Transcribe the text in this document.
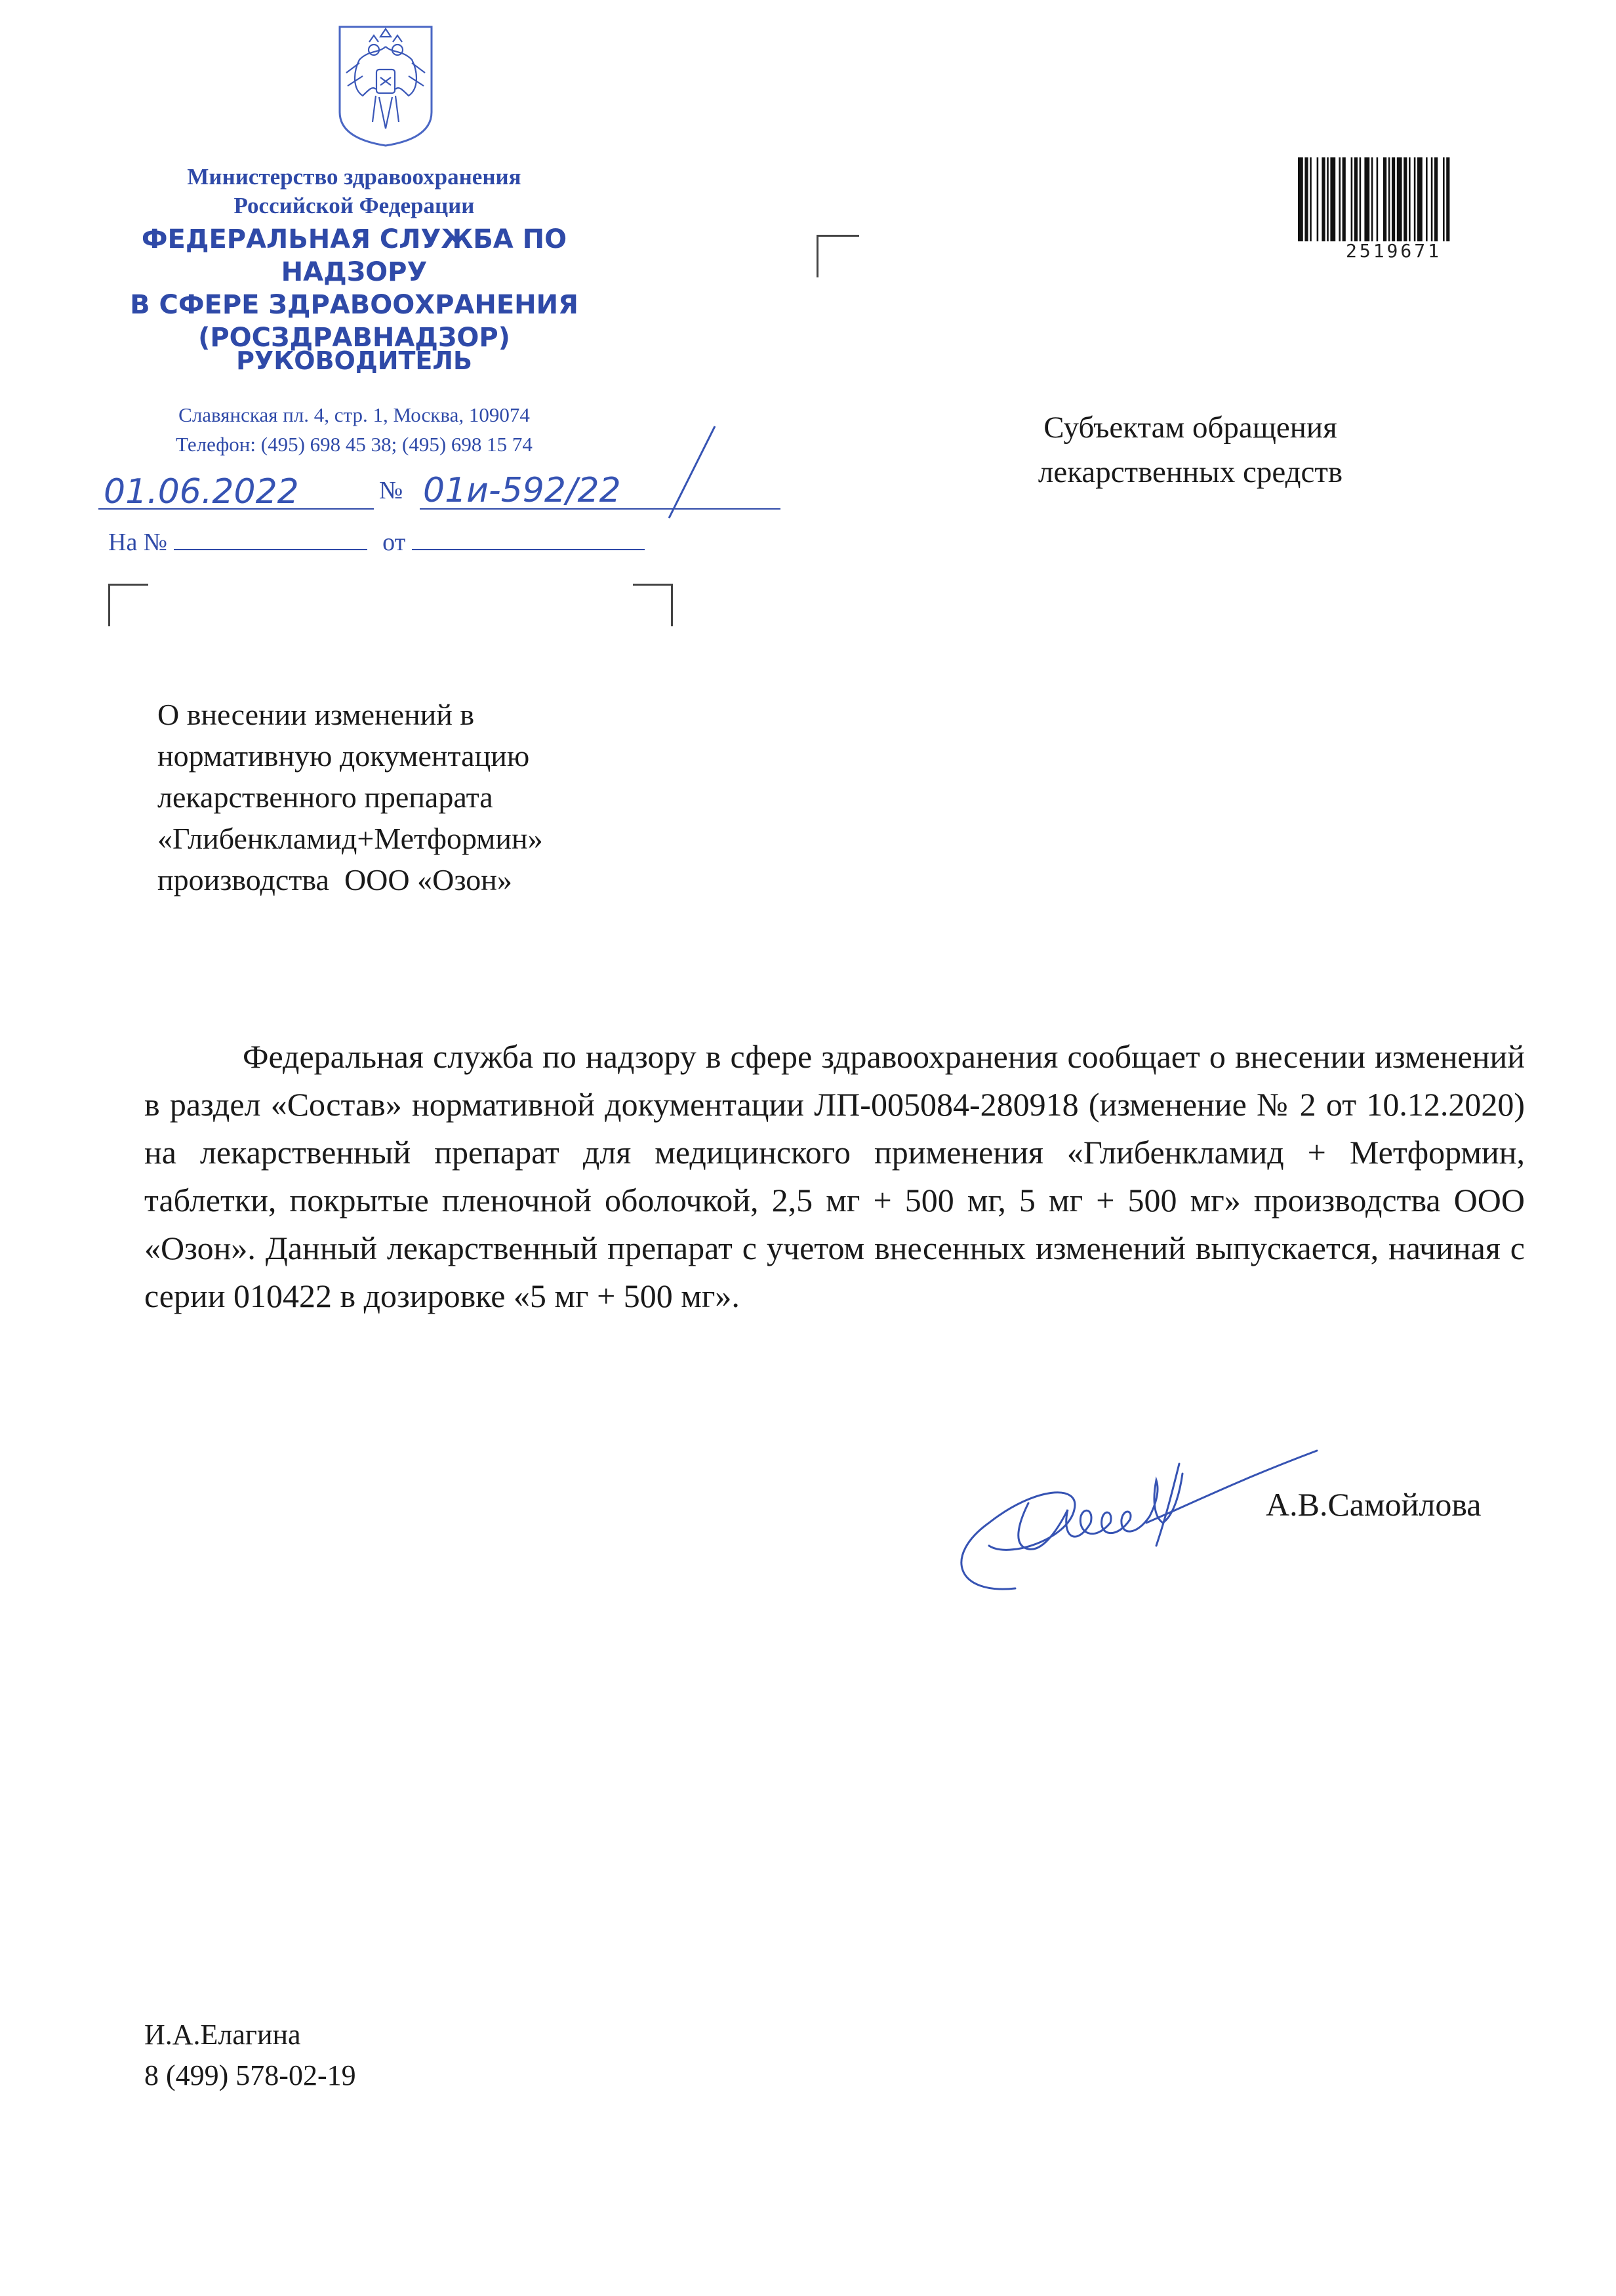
Министерство здравоохранения
Российской Федерации
ФЕДЕРАЛЬНАЯ СЛУЖБА ПО НАДЗОРУ
В СФЕРЕ ЗДРАВООХРАНЕНИЯ
(РОСЗДРАВНАДЗОР)
РУКОВОДИТЕЛЬ
Славянская пл. 4, стр. 1, Москва, 109074
Телефон: (495) 698 45 38; (495) 698 15 74
01.06.2022	№ 01и-592/22
На №	от
2519671
Субъектам обращения
лекарственных средств
О внесении изменений в
нормативную документацию
лекарственного препарата
«Глибенкламид+Метформин»
производства  ООО «Озон»
Федеральная служба по надзору в сфере здравоохранения сообщает о внесении изменений в раздел «Состав» нормативной документации ЛП-005084-280918 (изменение № 2 от 10.12.2020) на лекарственный препарат для медицинского применения «Глибенкламид + Метформин, таблетки, покрытые пленочной оболочкой, 2,5 мг + 500 мг, 5 мг + 500 мг» производства ООО «Озон». Данный лекарственный препарат с учетом внесенных изменений выпускается, начиная с серии 010422 в дозировке «5 мг + 500 мг».
А.В.Самойлова
И.А.Елагина
8 (499) 578-02-19
